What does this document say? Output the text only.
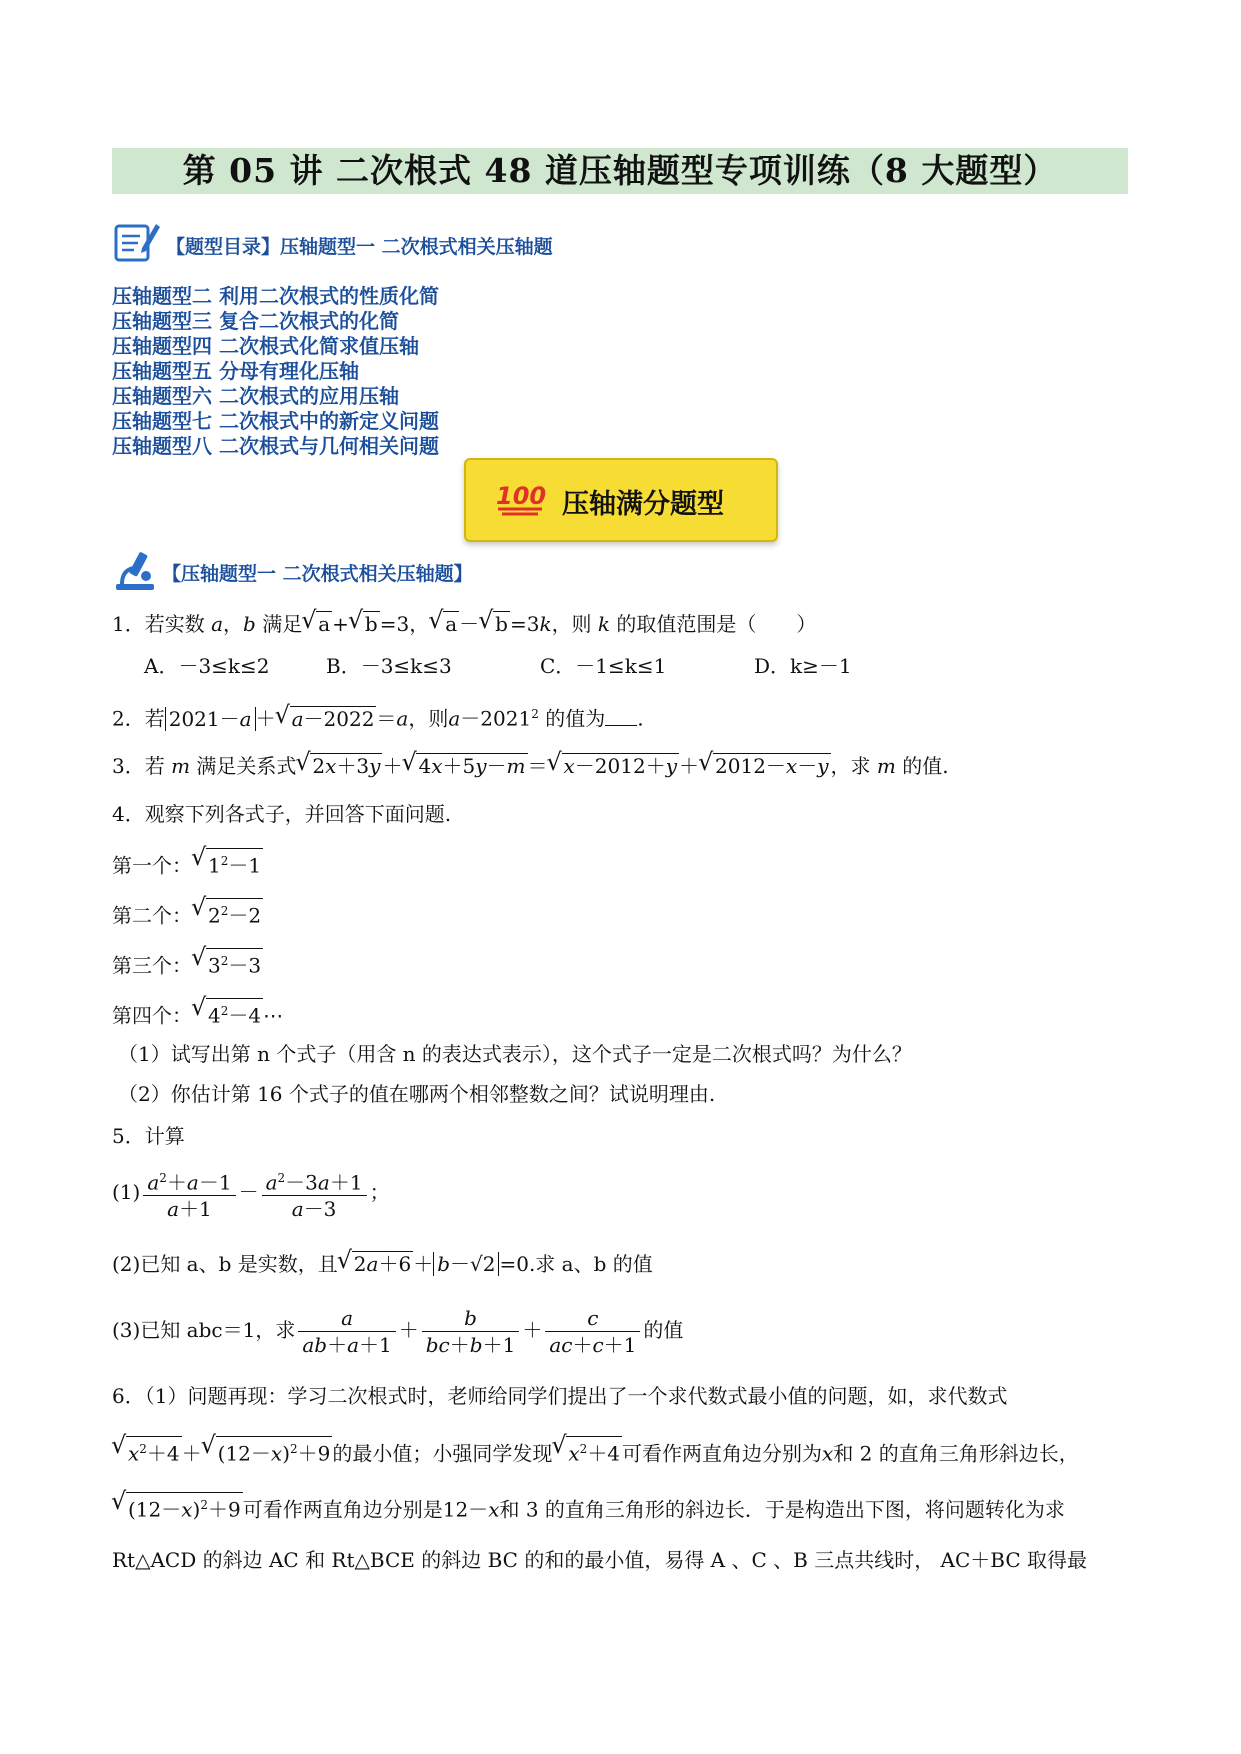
第 05 讲 二次根式 48 道压轴题型专项训练（8 大题型）
【题型目录】压轴题型一 二次根式相关压轴题
压轴题型二 利用二次根式的性质化简
压轴题型三 复合二次根式的化简
压轴题型四 二次根式化简求值压轴
压轴题型五 分母有理化压轴
压轴题型六 二次根式的应用压轴
压轴题型七 二次根式中的新定义问题
压轴题型八 二次根式与几何相关问题
100 压轴满分题型
【压轴题型一 二次根式相关压轴题】
1．若实数 a，b 满足 √ a + √ b =3， √ a － √ b =3k，则 k 的取值范围是（　　）
A．－3≤k≤2	B．－3≤k≤3	C．－1≤k≤1	D．k≥－1
2．若 2021－a ＋ √ a－2022 ＝a，则$a-2021^2$ 的值为 .
3．若 m 满足关系式 √ 2x＋3y ＋ √ 4x＋5y－m ＝ √ x－2012＋y ＋ √ 2012－x－y ，求 m 的值.
4．观察下列各式子，并回答下面问题.
第一个： √ $1^2-1$
第二个： √ $2^2-2$
第三个： √ $3^2-3$
第四个： √ $4^2-4$ ⋯
（1）试写出第 n 个式子（用含 n 的表达式表示），这个式子一定是二次根式吗？为什么？
（2）你估计第 16 个式子的值在哪两个相邻整数之间？试说明理由.
5．计算
$(1) \frac{a^2+a-1}{a+1} - \frac{a^2-3a+1}{a-3}$ ；
(2)已知 a、b 是实数，且 √ 2a＋6 ＋ b－√2 =0.求 a、b 的值
(3)已知 abc＝1，求 $\frac{a}{ab+a+1} + \frac{b}{bc+b+1} + \frac{c}{ac+c+1}$ 的值
6．（1）问题再现：学习二次根式时，老师给同学们提出了一个求代数式最小值的问题，如，求代数式
√ $x^2+4$ ＋ √ $(12-x)^2+9$ 的最小值；小强同学发现 √ $x^2+4$ 可看作两直角边分别为x和 2 的直角三角形斜边长，
√ $(12-x)^2+9$ 可看作两直角边分别是12－x和 3 的直角三角形的斜边长．于是构造出下图，将问题转化为求
Rt△ACD 的斜边 AC 和 Rt△BCE 的斜边 BC 的和的最小值，易得 A 、C 、B 三点共线时， AC＋BC 取得最
